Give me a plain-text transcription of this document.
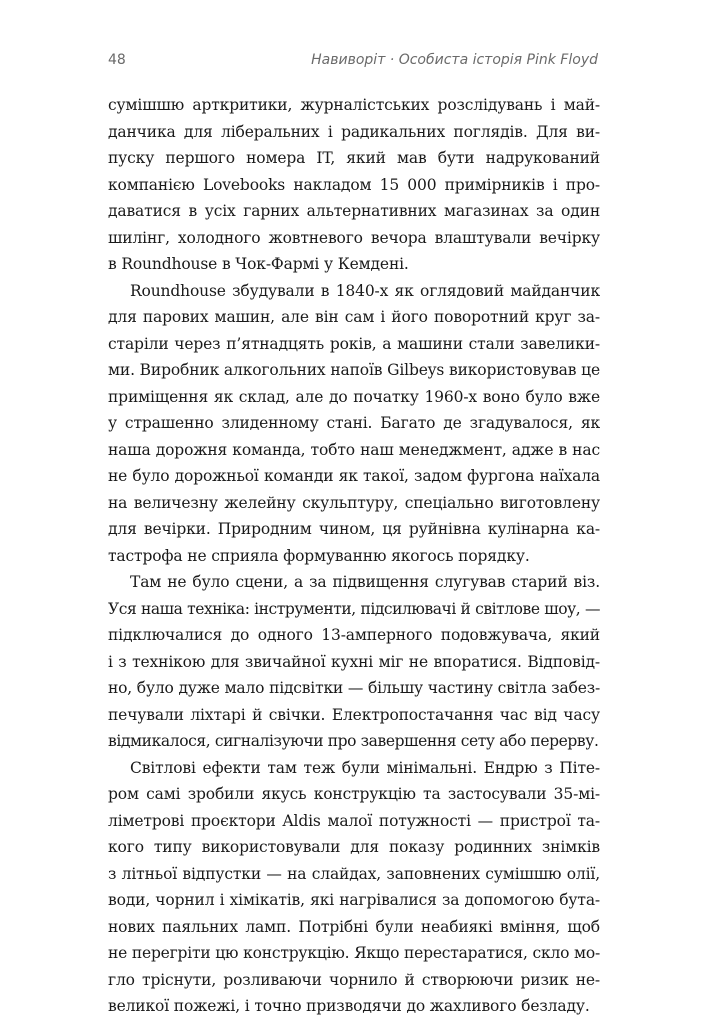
48	Навиворіт · Особиста історія Pink Floyd
сумішшю арткритики, журналістських розслідувань і май-
данчика для ліберальних і радикальних поглядів. Для ви-
пуску першого номера IT, який мав бути надрукований
компанією Lovebooks накладом 15 000 примірників і про-
даватися в усіх гарних альтернативних магазинах за один
шилінг, холодного жовтневого вечора влаштували вечірку
в Roundhouse в Чок-Фармі у Кемдені.
Roundhouse збудували в 1840-х як оглядовий майданчик
для парових машин, але він сам і його поворотний круг за-
старіли через п’ятнадцять років, а машини стали завелики-
ми. Виробник алкогольних напоїв Gilbeys використовував це
приміщення як склад, але до початку 1960-х воно було вже
у страшенно злиденному стані. Багато де згадувалося, як
наша дорожня команда, тобто наш менеджмент, адже в нас
не було дорожньої команди як такої, задом фургона наїхала
на величезну желейну скульптуру, спеціально виготовлену
для вечірки. Природним чином, ця руйнівна кулінарна ка-
тастрофа не сприяла формуванню якогось порядку.
Там не було сцени, а за підвищення слугував старий віз.
Уся наша техніка: інструменти, підсилювачі й світлове шоу, —
підключалися до одного 13-амперного подовжувача, який
і з технікою для звичайної кухні міг не впоратися. Відповід-
но, було дуже мало підсвітки — більшу частину світла забез-
печували ліхтарі й свічки. Електропостачання час від часу
відмикалося, сигналізуючи про завершення сету або перерву.
Світлові ефекти там теж були мінімальні. Ендрю з Піте-
ром самі зробили якусь конструкцію та застосували 35-мі-
ліметрові проєктори Aldis малої потужності — пристрої та-
кого типу використовували для показу родинних знімків
з літньої відпустки — на слайдах, заповнених сумішшю олії,
води, чорнил і хімікатів, які нагрівалися за допомогою бута-
нових паяльних ламп. Потрібні були неабиякі вміння, щоб
не перегріти цю конструкцію. Якщо перестаратися, скло мо-
гло тріснути, розливаючи чорнило й створюючи ризик не-
великої пожежі, і точно призводячи до жахливого безладу.
